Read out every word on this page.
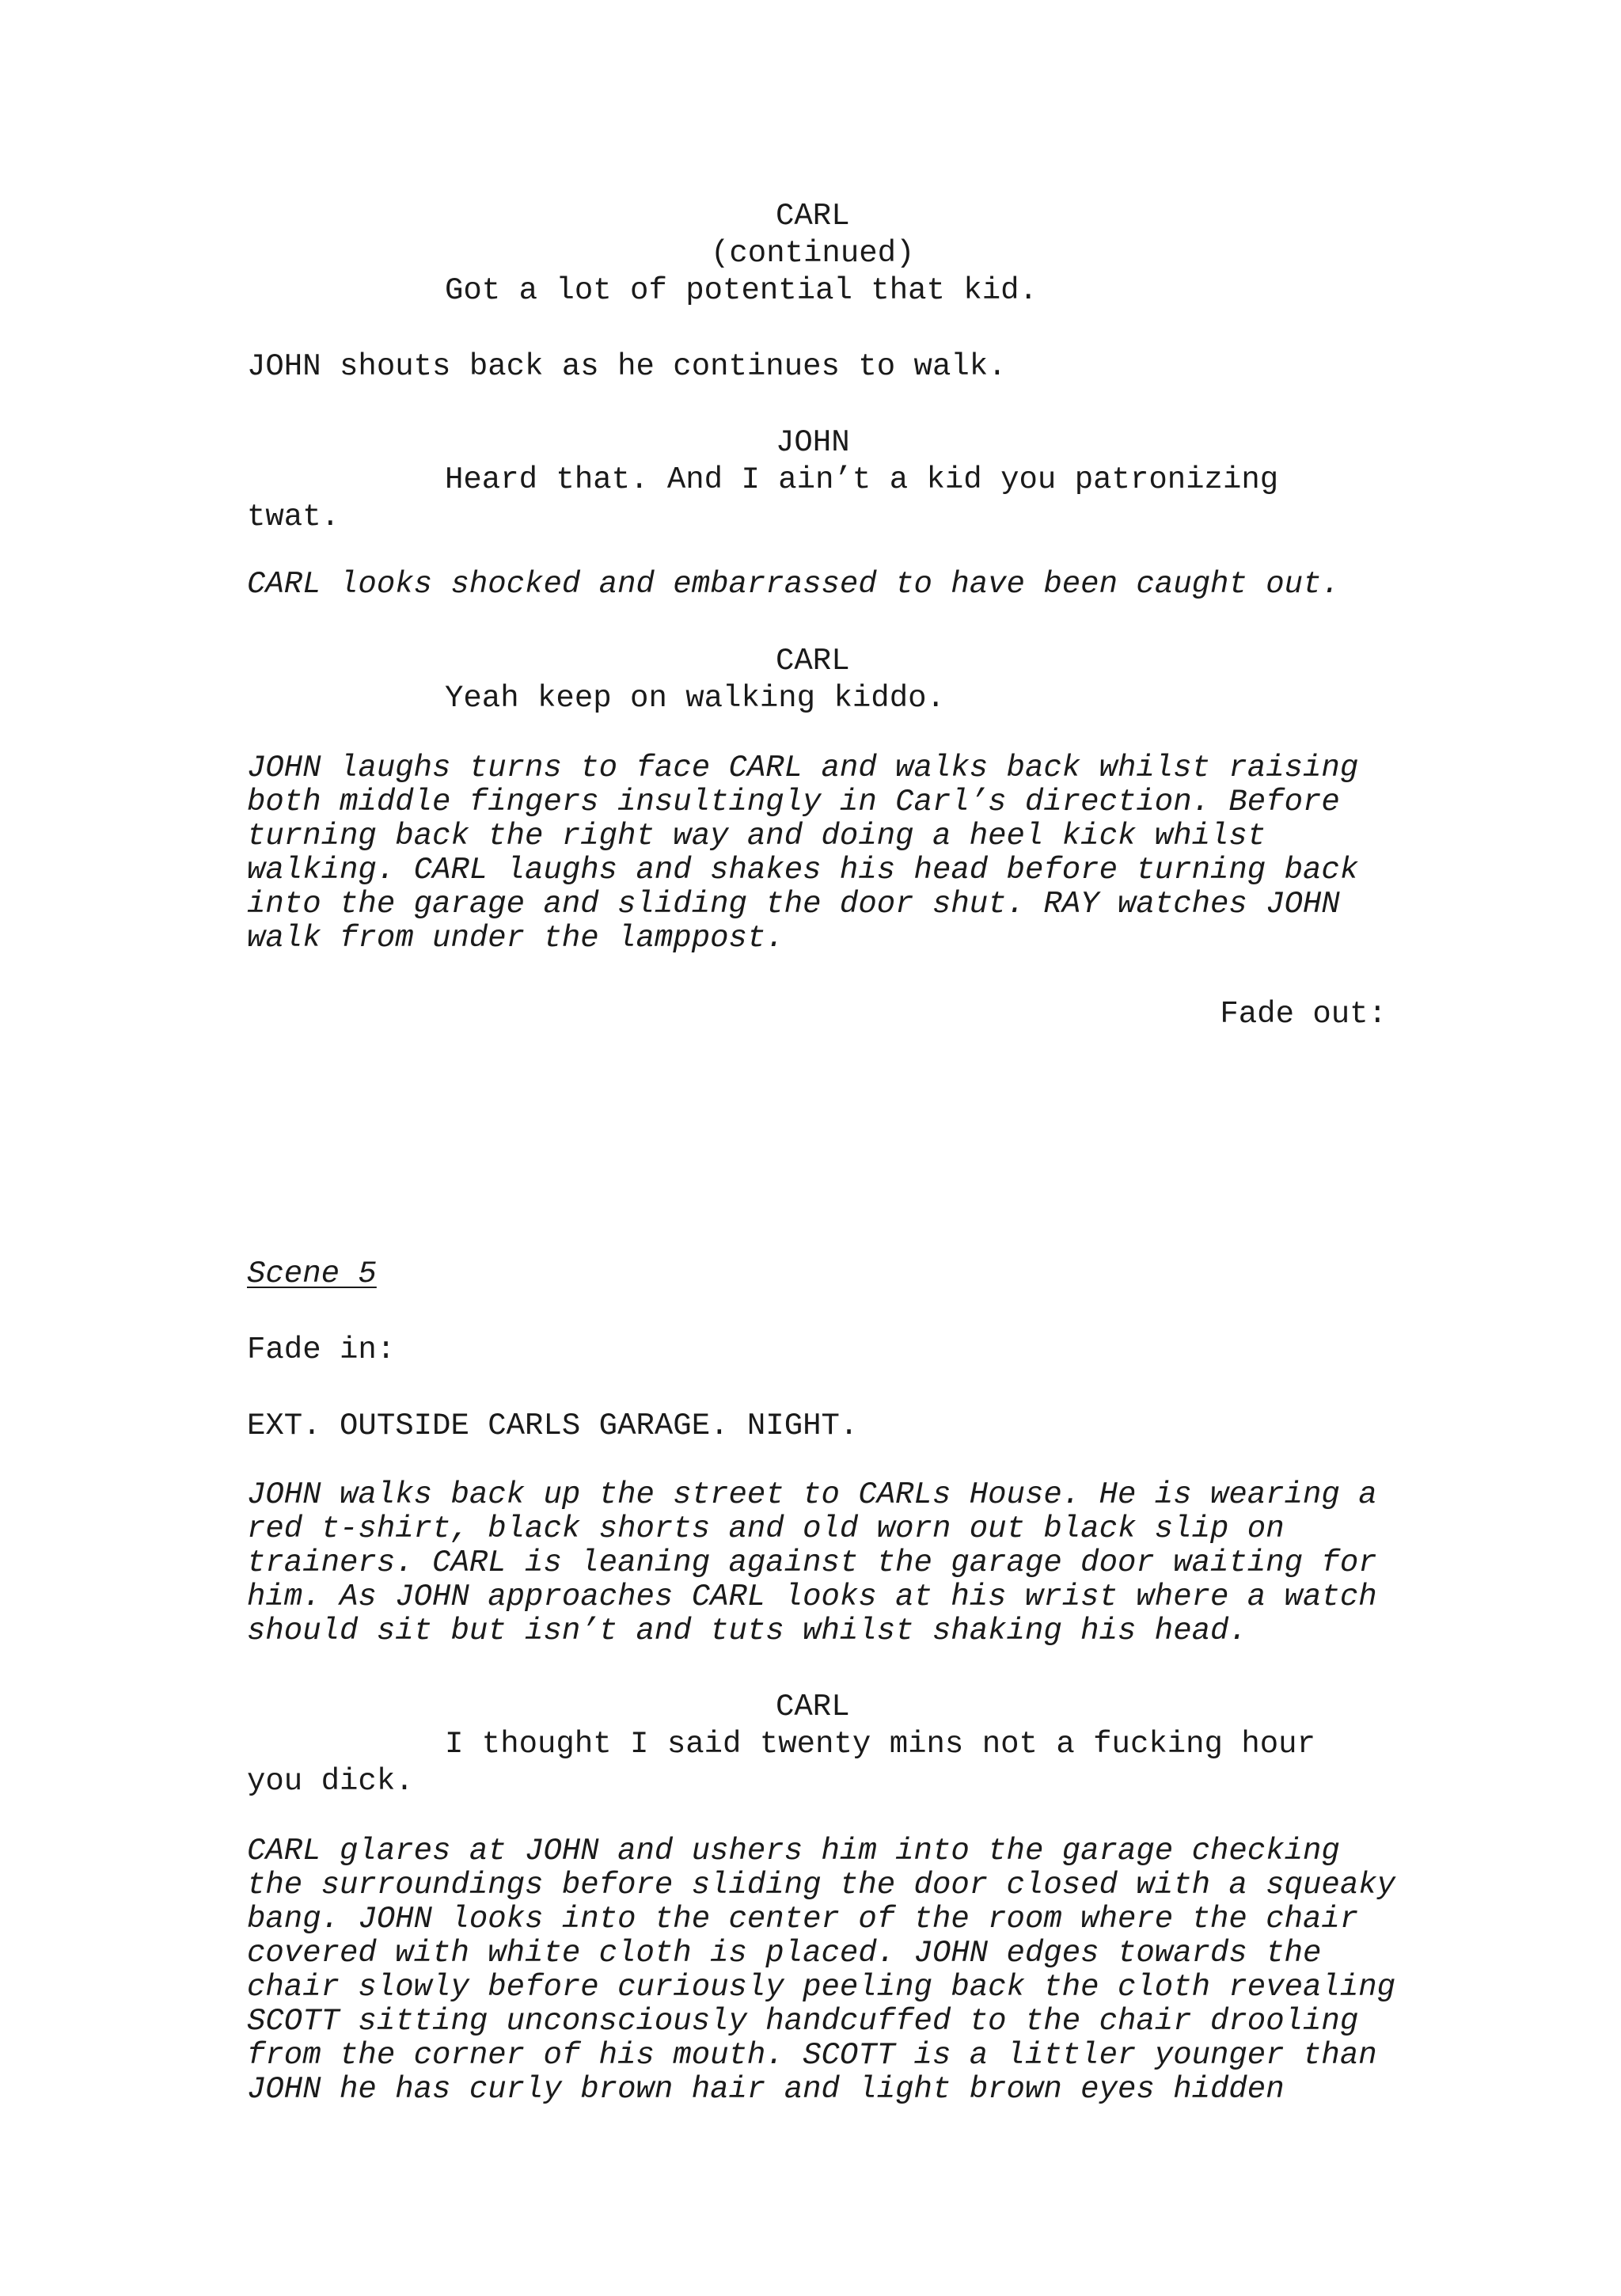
CARL

(continued)

Got a lot of potential that kid.

JOHN shouts back as he continues to walk.

JOHN

Heard that. And I ain’t a kid you patronizing

twat.

CARL looks shocked and embarrassed to have been caught out.

CARL

Yeah keep on walking kiddo.

JOHN laughs turns to face CARL and walks back whilst raising

both middle fingers insultingly in Carl’s direction. Before

turning back the right way and doing a heel kick whilst

walking. CARL laughs and shakes his head before turning back

into the garage and sliding the door shut. RAY watches JOHN

walk from under the lamppost.

Fade out:

Scene 5

Fade in:

EXT. OUTSIDE CARLS GARAGE. NIGHT.

JOHN walks back up the street to CARLs House. He is wearing a

red t-shirt, black shorts and old worn out black slip on

trainers. CARL is leaning against the garage door waiting for

him. As JOHN approaches CARL looks at his wrist where a watch

should sit but isn’t and tuts whilst shaking his head.

CARL

I thought I said twenty mins not a fucking hour

you dick.

CARL glares at JOHN and ushers him into the garage checking

the surroundings before sliding the door closed with a squeaky

bang. JOHN looks into the center of the room where the chair

covered with white cloth is placed. JOHN edges towards the

chair slowly before curiously peeling back the cloth revealing

SCOTT sitting unconsciously handcuffed to the chair drooling

from the corner of his mouth. SCOTT is a littler younger than

JOHN he has curly brown hair and light brown eyes hidden
